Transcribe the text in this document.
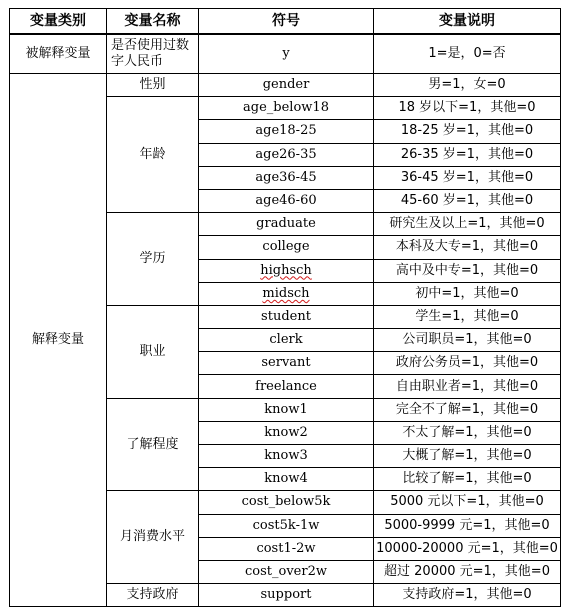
变量类别	变量名称	符号	变量说明
被解释变量	是否使用过数字人民币	y	1=是，0=否
解释变量	性别	gender	男=1，女=0
	年龄	age_below18	18 岁以下=1，其他=0
		age18-25	18-25 岁=1，其他=0
		age26-35	26-35 岁=1，其他=0
		age36-45	36-45 岁=1，其他=0
		age46-60	45-60 岁=1，其他=0
	学历	graduate	研究生及以上=1，其他=0
		college	本科及大专=1，其他=0
		highsch	高中及中专=1，其他=0
		midsch	初中=1，其他=0
	职业	student	学生=1，其他=0
		clerk	公司职员=1，其他=0
		servant	政府公务员=1，其他=0
		freelance	自由职业者=1，其他=0
	了解程度	know1	完全不了解=1，其他=0
		know2	不太了解=1，其他=0
		know3	大概了解=1，其他=0
		know4	比较了解=1，其他=0
	月消费水平	cost_below5k	5000 元以下=1，其他=0
		cost5k-1w	5000-9999 元=1，其他=0
		cost1-2w	10000-20000 元=1，其他=0
		cost_over2w	超过 20000 元=1，其他=0
	支持政府	support	支持政府=1，其他=0
